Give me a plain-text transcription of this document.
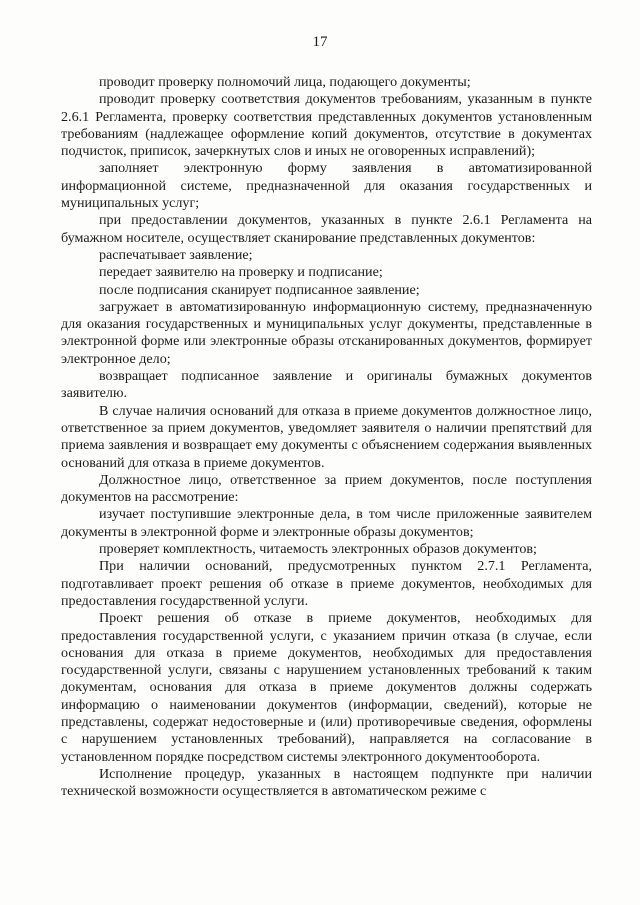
17

проводит проверку полномочий лица, подающего документы;

проводит проверку соответствия документов требованиям, указанным в пункте 2.6.1 Регламента, проверку соответствия представленных документов установленным требованиям (надлежащее оформление копий документов, отсутствие в документах подчисток, приписок, зачеркнутых слов и иных не оговоренных исправлений);

заполняет электронную форму заявления в автоматизированной информационной системе, предназначенной для оказания государственных и муниципальных услуг;

при предоставлении документов, указанных в пункте 2.6.1 Регламента на бумажном носителе, осуществляет сканирование представленных документов:

распечатывает заявление;

передает заявителю на проверку и подписание;

после подписания сканирует подписанное заявление;

загружает в автоматизированную информационную систему, предназначенную для оказания государственных и муниципальных услуг документы, представленные в электронной форме или электронные образы отсканированных документов, формирует электронное дело;

возвращает подписанное заявление и оригиналы бумажных документов заявителю.

В случае наличия оснований для отказа в приеме документов должностное лицо, ответственное за прием документов, уведомляет заявителя о наличии препятствий для приема заявления и возвращает ему документы с объяснением содержания выявленных оснований для отказа в приеме документов.

Должностное лицо, ответственное за прием документов, после поступления документов на рассмотрение:

изучает поступившие электронные дела, в том числе приложенные заявителем документы в электронной форме и электронные образы документов;

проверяет комплектность, читаемость электронных образов документов;

При наличии оснований, предусмотренных пунктом 2.7.1 Регламента, подготавливает проект решения об отказе в приеме документов, необходимых для предоставления государственной услуги.

Проект решения об отказе в приеме документов, необходимых для предоставления государственной услуги, с указанием причин отказа (в случае, если основания для отказа в приеме документов, необходимых для предоставления государственной услуги, связаны с нарушением установленных требований к таким документам, основания для отказа в приеме документов должны содержать информацию о наименовании документов (информации, сведений), которые не представлены, содержат недостоверные и (или) противоречивые сведения, оформлены с нарушением установленных требований), направляется на согласование в установленном порядке посредством системы электронного документооборота.

Исполнение процедур, указанных в настоящем подпункте при наличии технической возможности осуществляется в автоматическом режиме с
